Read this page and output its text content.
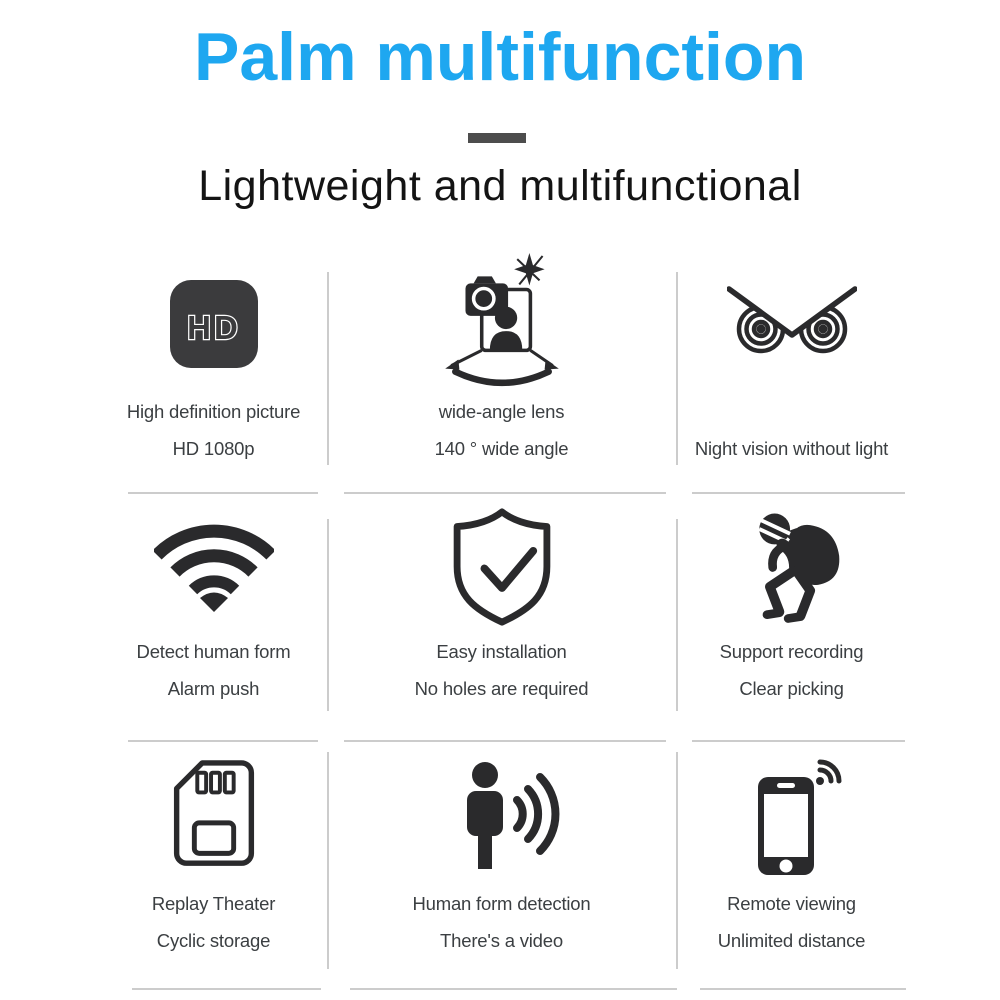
Palm multifunction
Lightweight and multifunctional
HD
High definition picture
HD 1080p
wide-angle lens
140 ° wide angle	Night vision without light
Detect human form
Alarm push
Easy installation
No holes are required
Support recording
Clear picking
Replay Theater
Cyclic storage
Human form detection
There's a video
Remote viewing
Unlimited distance
